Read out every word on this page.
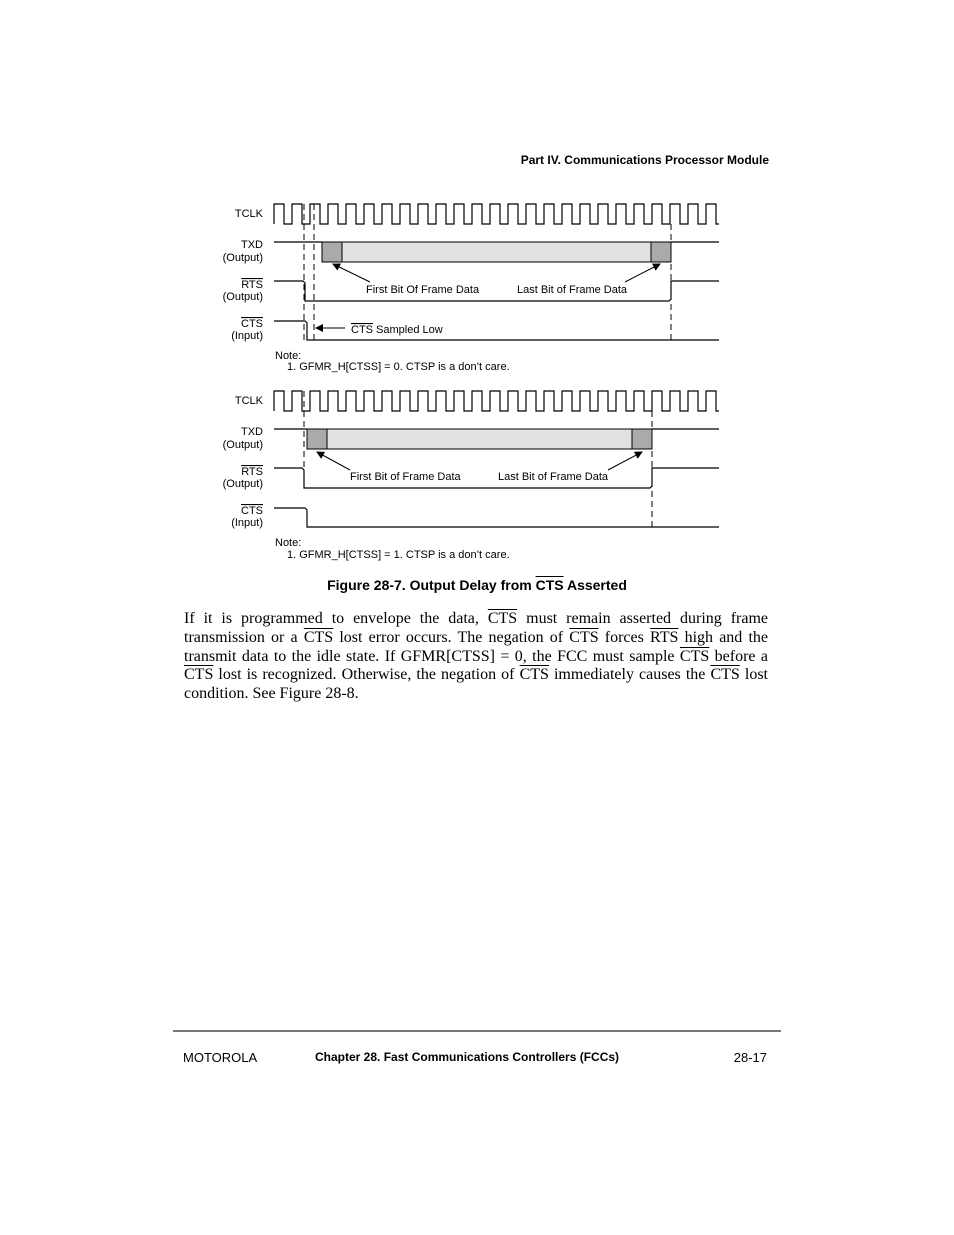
Part IV. Communications Processor Module
TCLK
TXD
(Output)
RTS
(Output)
CTS
(Input)
First Bit Of Frame Data	Last Bit of Frame Data
CTS Sampled Low
Note:
1. GFMR_H[CTSS] = 0. CTSP is a don’t care.
TCLK
TXD
(Output)
RTS
(Output)
CTS
(Input)
First Bit of Frame Data	Last Bit of Frame Data
Note:
1. GFMR_H[CTSS] = 1. CTSP is a don’t care.
Figure 28-7. Output Delay from $\overline{CTS}$ Asserted
If it is programmed to envelope the data, $\overline{CTS}$ must remain asserted during frame transmission or a $\overline{CTS}$ lost error occurs. The negation of $\overline{CTS}$ forces $\overline{RTS}$ high and the transmit data to the idle state. If GFMR[CTSS] = 0, the FCC must sample $\overline{CTS}$ before a $\overline{CTS}$ lost is recognized. Otherwise, the negation of $\overline{CTS}$ immediately causes the $\overline{CTS}$ lost condition. See Figure 28-8.
MOTOROLA	Chapter 28. Fast Communications Controllers (FCCs)	28-17
